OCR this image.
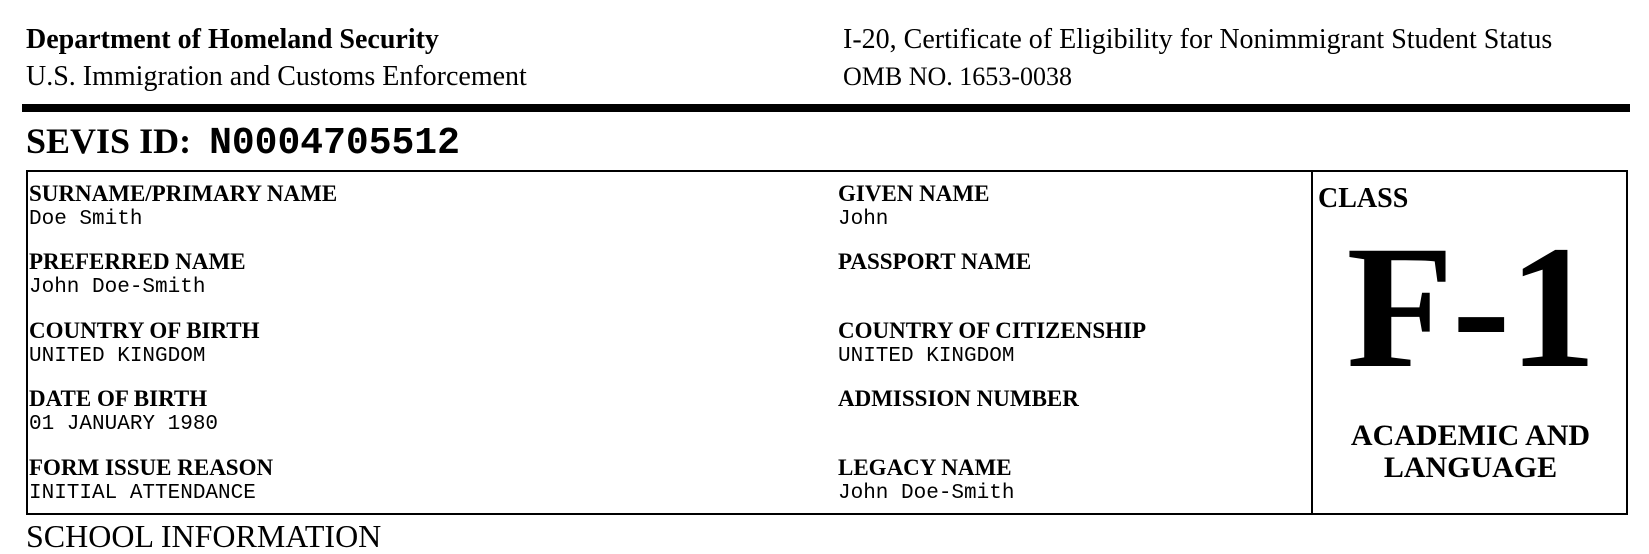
Department of Homeland Security
U.S. Immigration and Customs Enforcement
I-20, Certificate of Eligibility for Nonimmigrant Student Status
OMB NO. 1653-0038
SEVIS ID: N0004705512
SURNAME/PRIMARY NAME
Doe Smith
PREFERRED NAME
John Doe-Smith
COUNTRY OF BIRTH
UNITED KINGDOM
DATE OF BIRTH
01 JANUARY 1980
FORM ISSUE REASON
INITIAL ATTENDANCE
GIVEN NAME
John
PASSPORT NAME
COUNTRY OF CITIZENSHIP
UNITED KINGDOM
ADMISSION NUMBER
LEGACY NAME
John Doe-Smith
CLASS
F-1
ACADEMIC AND
LANGUAGE
SCHOOL INFORMATION
